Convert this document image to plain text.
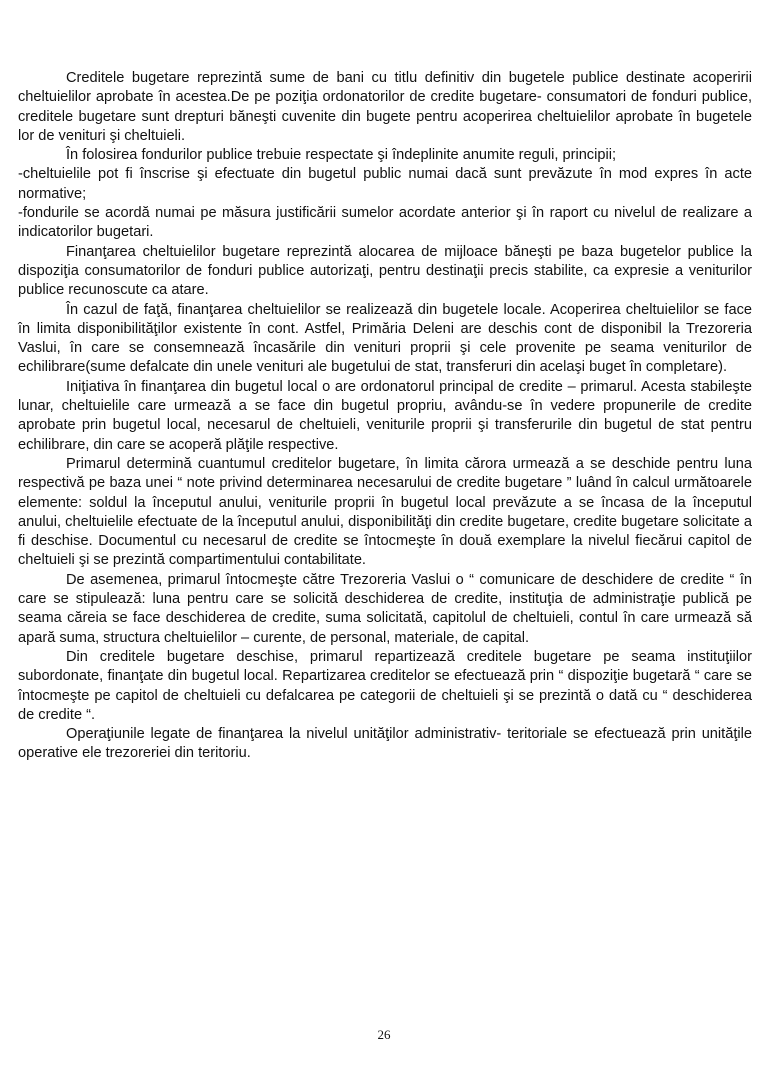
Creditele bugetare reprezintă sume de bani cu titlu definitiv din bugetele publice destinate acoperirii cheltuielilor aprobate în acestea.De pe poziţia ordonatorilor de credite bugetare- consumatori de fonduri publice, creditele bugetare sunt drepturi băneşti cuvenite din bugete pentru acoperirea cheltuielilor aprobate în bugetele lor de venituri şi cheltuieli.

În folosirea fondurilor publice trebuie respectate şi îndeplinite anumite reguli, principii;

-cheltuielile pot fi înscrise şi efectuate din bugetul public numai dacă sunt prevăzute în mod expres în acte normative;

-fondurile se acordă numai pe măsura justificării sumelor acordate anterior şi în raport cu nivelul de realizare a indicatorilor bugetari.

Finanţarea cheltuielilor bugetare reprezintă alocarea de mijloace băneşti pe baza bugetelor publice la dispoziţia consumatorilor de fonduri publice autorizaţi, pentru destinaţii precis stabilite, ca expresie a veniturilor publice recunoscute ca atare.

În cazul de faţă, finanţarea cheltuielilor se realizează din bugetele locale. Acoperirea cheltuielilor se face în limita disponibilităţilor existente în cont. Astfel, Primăria Deleni are deschis cont de disponibil la Trezoreria Vaslui, în care se consemnează încasările din venituri proprii şi cele provenite pe seama veniturilor de echilibrare(sume defalcate din unele venituri ale bugetului de stat, transferuri din acelaşi buget în completare).

Iniţiativa în finanţarea din bugetul local o are ordonatorul principal de credite – primarul. Acesta stabileşte lunar, cheltuielile care urmează a se face din bugetul propriu, avându-se în vedere propunerile de credite aprobate prin bugetul local, necesarul de cheltuieli, veniturile proprii şi transferurile din bugetul de stat pentru echilibrare, din care se acoperă plăţile respective.

Primarul determină cuantumul creditelor bugetare, în limita cărora urmează a se deschide pentru luna respectivă pe baza unei “ note privind determinarea necesarului de credite bugetare ” luând în calcul următoarele elemente: soldul la începutul anului, veniturile proprii în bugetul local prevăzute a se încasa de la începutul anului, cheltuielile efectuate de la începutul anului, disponibilităţi din credite bugetare, credite bugetare solicitate a fi deschise. Documentul cu necesarul de credite se întocmeşte în două exemplare la nivelul fiecărui capitol de cheltuieli şi se prezintă compartimentului contabilitate.

De asemenea, primarul întocmeşte către Trezoreria Vaslui o “ comunicare de deschidere de credite “ în care se stipulează: luna pentru care se solicită deschiderea de credite, instituţia de administraţie publică pe seama căreia se face deschiderea de credite, suma solicitată, capitolul de cheltuieli, contul în care urmează să apară suma, structura cheltuielilor – curente, de personal, materiale, de capital.

Din creditele bugetare deschise, primarul repartizează creditele bugetare pe seama instituţiilor subordonate, finanţate din bugetul local. Repartizarea creditelor se efectuează prin “ dispoziţie bugetară “ care se întocmeşte pe capitol de cheltuieli cu defalcarea pe categorii de cheltuieli şi se prezintă o dată cu “ deschiderea de credite “.

Operaţiunile legate de finanţarea la nivelul unităţilor administrativ- teritoriale se efectuează prin unităţile operative ele trezoreriei din teritoriu.

26
